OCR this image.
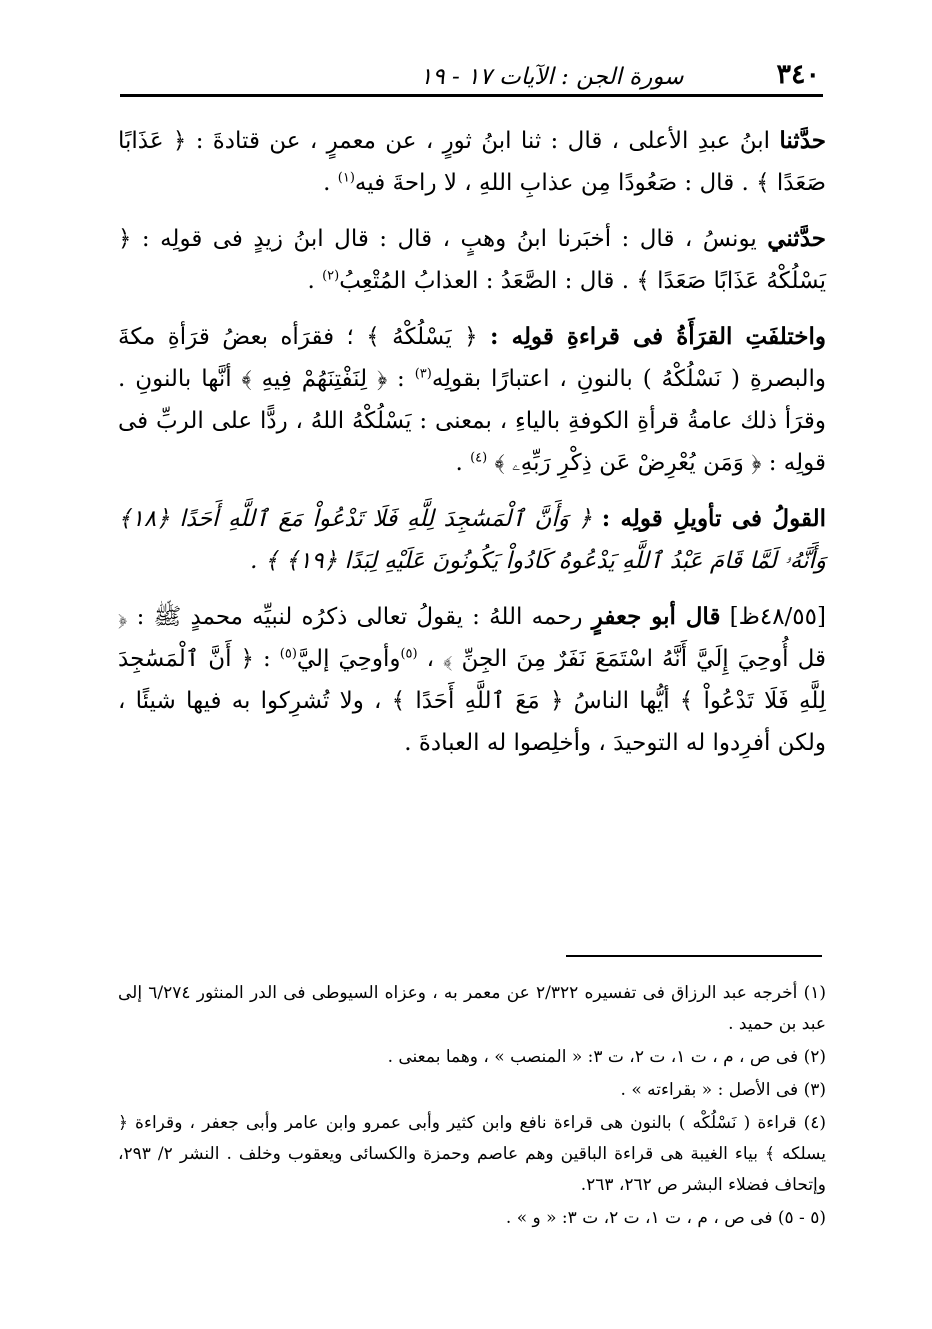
٣٤٠
سورة الجن : الآيات ١٧ - ١٩

حدَّثنا ابنُ عبدِ الأعلى ، قال : ثنا ابنُ ثورٍ ، عن معمرٍ ، عن قتادةَ : ﴿ عَذَابًا صَعَدًا ﴾ . قال : صَعُودًا مِن عذابِ اللهِ ، لا راحةَ فيه$^{(١)}$ .

حدَّثني يونسُ ، قال : أخبَرنا ابنُ وهبٍ ، قال : قال ابنُ زيدٍ فى قولِه : ﴿ يَسْلُكْهُ عَذَابًا صَعَدًا ﴾ . قال : الصَّعَدُ : العذابُ المُتْعِبُ$^{(٢)}$ .

واختلفَتِ القرَأَةُ فى قراءةِ قولِه : ﴿ يَسْلُكْهُ ﴾ ؛ فقرَأه بعضُ قرَأةِ مكةَ والبصرةِ ( نَسْلُكْهُ ) بالنونِ ، اعتبارًا بقولِه$^{(٣)}$ : ﴿ لِنَفْتِنَهُمْ فِيهِ ﴾ أنَّها بالنونِ . وقرَأ ذلك عامةُ قرأةِ الكوفةِ بالياءِ ، بمعنى : يَسْلُكْهُ اللهُ ، ردًّا على الربِّ فى قولِه : ﴿ وَمَن يُعْرِضْ عَن ذِكْرِ رَبِّهِۦ ﴾ $^{(٤)}$ .

القولُ فى تأويلِ قولِه : ﴿ وَأَنَّ ٱلْمَسَٰجِدَ لِلَّهِ فَلَا تَدْعُواْ مَعَ ٱللَّهِ أَحَدًا ﴿١٨﴾ وَأَنَّهُۥ لَمَّا قَامَ عَبْدُ ٱللَّهِ يَدْعُوهُ كَادُواْ يَكُونُونَ عَلَيْهِ لِبَدًا ﴿١٩﴾ ﴾ .

[٤٨/٥٥ظ] قال أبو جعفرٍ رحمه اللهُ : يقولُ تعالى ذكرُه لنبيِّه محمدٍ ﷺ : ﴿ قل أُوحِيَ إِلَيَّ أَنَّهُ اسْتَمَعَ نَفَرٌ مِنَ الجِنِّ ﴾ ، $^{(٥)}$وأوحِيَ إليَّ$^{(٥)}$ : ﴿ أَنَّ ٱلْمَسَٰجِدَ لِلَّهِ فَلَا تَدْعُواْ ﴾ أيُّها الناسُ ﴿ مَعَ ٱللَّهِ أَحَدًا ﴾ ، ولا تُشرِكوا به فيها شيئًا ، ولكن أفرِدوا له التوحيدَ ، وأخلِصوا له العبادةَ .

(١) أخرجه عبد الرزاق فى تفسيره ٢/٣٢٢ عن معمر به ، وعزاه السيوطى فى الدر المنثور ٦/٢٧٤ إلى عبد بن حميد .

(٢) فى ص ، م ، ت ١، ت ٢، ت ٣: « المنصب » ، وهما بمعنى .

(٣) فى الأصل : « بقراءته » .

(٤) قراءة ( نَسْلُكْه ) بالنون هى قراءة نافع وابن كثير وأبى عمرو وابن عامر وأبى جعفر ، وقراءة ﴿ يسلكه ﴾ بياء الغيبة هى قراءة الباقين وهم عاصم وحمزة والكسائى ويعقوب وخلف . النشر ٢/ ٢٩٣، وإتحاف فضلاء البشر ص ٢٦٢، ٢٦٣.

(٥ - ٥) فى ص ، م ، ت ١، ت ٢، ت ٣: « و » .
